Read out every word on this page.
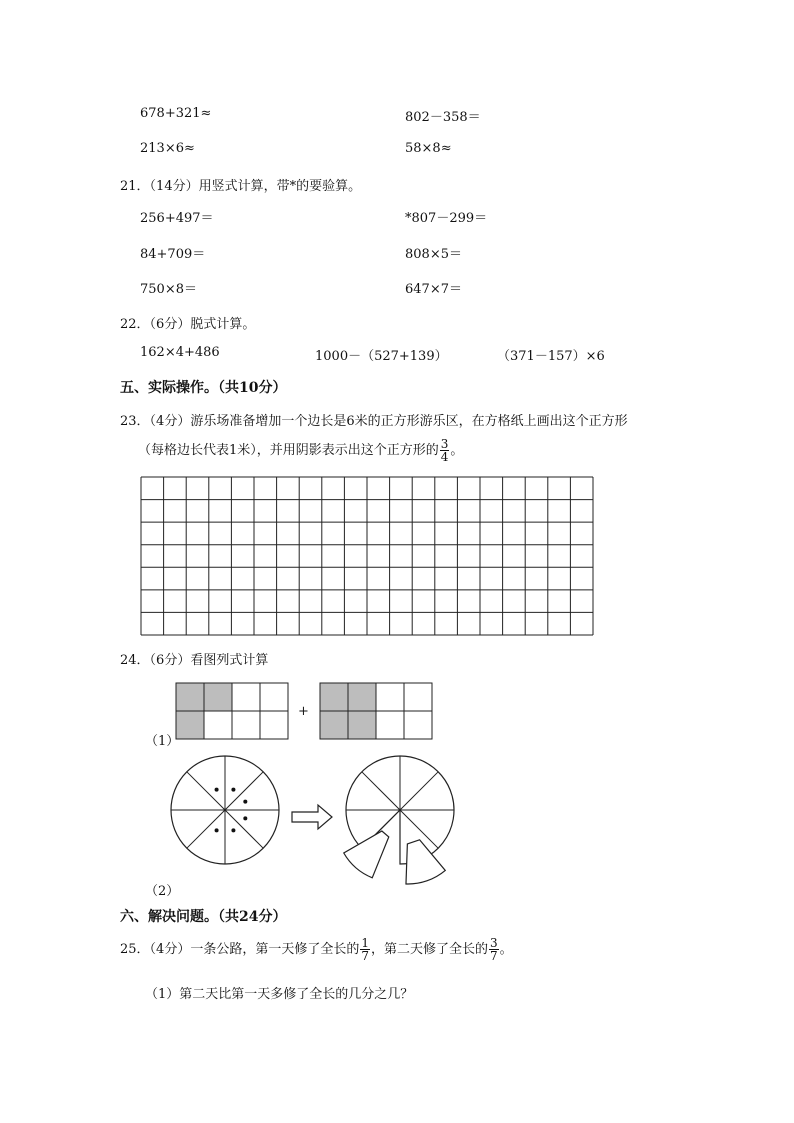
678+321≈	802－358＝
213×6≈	58×8≈
21．（14分）用竖式计算，带*的要验算。
256+497＝	*807－299＝
84+709＝	808×5＝
750×8＝	647×7＝
22．（6分）脱式计算。
162×4+486	1000－（527+139）	（371－157）×6
五、实际操作。（共10分）
23．（4分）游乐场准备增加一个边长是6米的正方形游乐区，在方格纸上画出这个正方形
（每格边长代表1米），并用阴影表示出这个正方形的 $\frac{3}{4}$ 。
24．（6分）看图列式计算
+
（1）
（2）
六、解决问题。（共24分）
25．（4分）一条公路，第一天修了全长的 $\frac{1}{7}$ ，第二天修了全长的 $\frac{3}{7}$ 。
（1）第二天比第一天多修了全长的几分之几？
